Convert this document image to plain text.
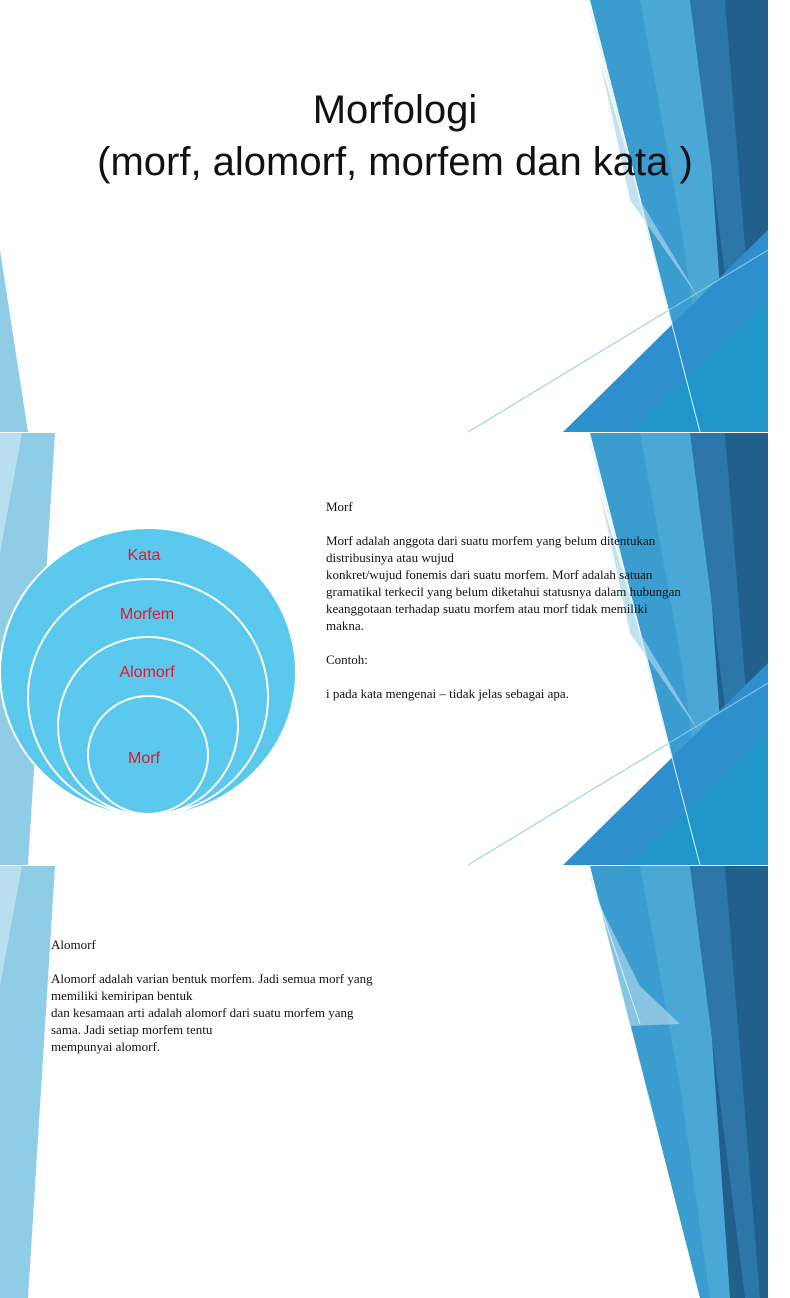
Morfologi
(morf, alomorf, morfem dan kata )
Kata
Morfem
Alomorf
Morf

Morf

Morf adalah anggota dari suatu morfem yang belum ditentukan
distribusinya atau wujud
konkret/wujud fonemis dari suatu morfem. Morf adalah satuan
gramatikal terkecil yang belum diketahui statusnya dalam hubungan
keanggotaan terhadap suatu morfem atau morf tidak memiliki
makna.

Contoh:

i pada kata mengenai – tidak jelas sebagai apa.

Alomorf

Alomorf adalah varian bentuk morfem. Jadi semua morf yang
memiliki kemiripan bentuk
dan kesamaan arti adalah alomorf dari suatu morfem yang
sama. Jadi setiap morfem tentu
mempunyai alomorf.
